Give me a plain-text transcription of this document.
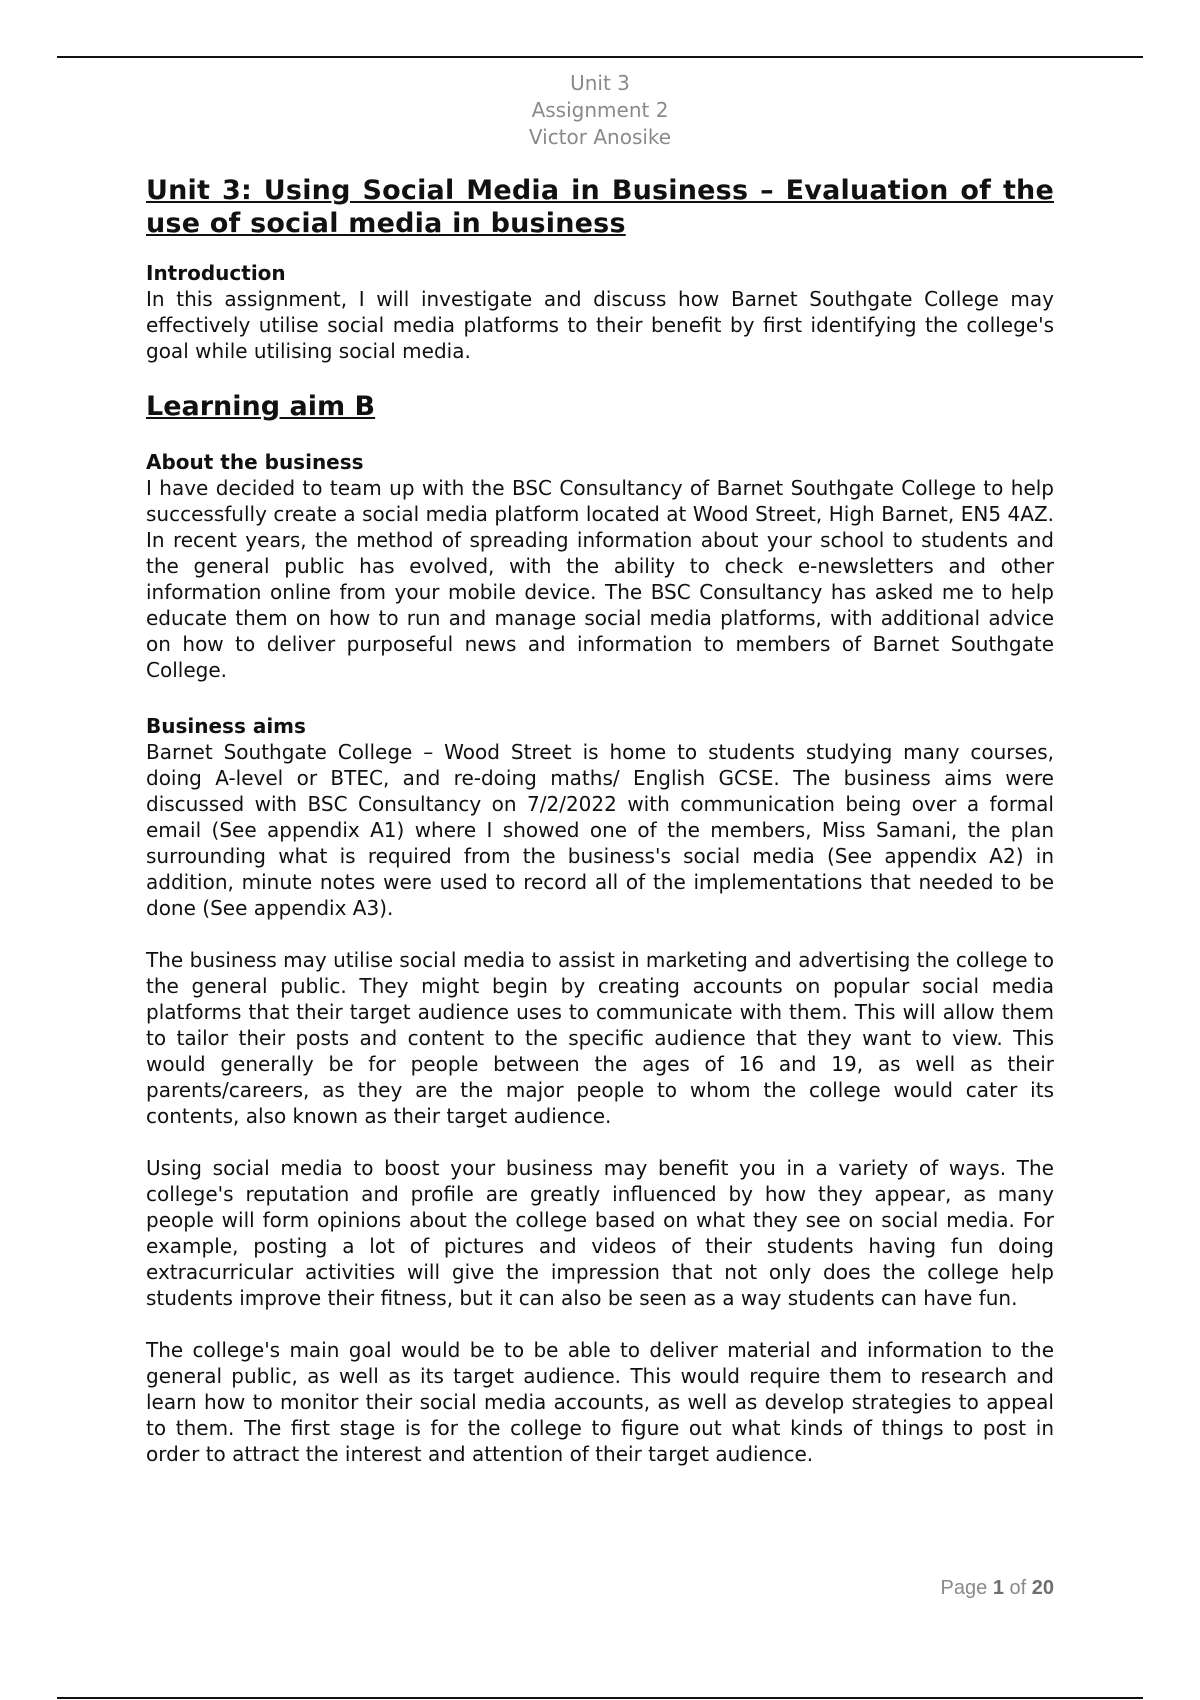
Unit 3
Assignment 2
Victor Anosike
Unit 3: Using Social Media in Business – Evaluation of the use of social media in business
Introduction
In this assignment, I will investigate and discuss how Barnet Southgate College may effectively utilise social media platforms to their benefit by first identifying the college's goal while utilising social media.
Learning aim B
About the business
I have decided to team up with the BSC Consultancy of Barnet Southgate College to help successfully create a social media platform located at Wood Street, High Barnet, EN5 4AZ. In recent years, the method of spreading information about your school to students and the general public has evolved, with the ability to check e-newsletters and other information online from your mobile device. The BSC Consultancy has asked me to help educate them on how to run and manage social media platforms, with additional advice on how to deliver purposeful news and information to members of Barnet Southgate College.
Business aims
Barnet Southgate College – Wood Street is home to students studying many courses, doing A-level or BTEC, and re-doing maths/ English GCSE. The business aims were discussed with BSC Consultancy on 7/2/2022 with communication being over a formal email (See appendix A1) where I showed one of the members, Miss Samani, the plan surrounding what is required from the business's social media (See appendix A2) in addition, minute notes were used to record all of the implementations that needed to be done (See appendix A3).
The business may utilise social media to assist in marketing and advertising the college to the general public. They might begin by creating accounts on popular social media platforms that their target audience uses to communicate with them. This will allow them to tailor their posts and content to the specific audience that they want to view. This would generally be for people between the ages of 16 and 19, as well as their parents/careers, as they are the major people to whom the college would cater its contents, also known as their target audience.
Using social media to boost your business may benefit you in a variety of ways. The college's reputation and profile are greatly influenced by how they appear, as many people will form opinions about the college based on what they see on social media. For example, posting a lot of pictures and videos of their students having fun doing extracurricular activities will give the impression that not only does the college help students improve their fitness, but it can also be seen as a way students can have fun.
The college's main goal would be to be able to deliver material and information to the general public, as well as its target audience. This would require them to research and learn how to monitor their social media accounts, as well as develop strategies to appeal to them. The first stage is for the college to figure out what kinds of things to post in order to attract the interest and attention of their target audience.
Page 1 of 20
